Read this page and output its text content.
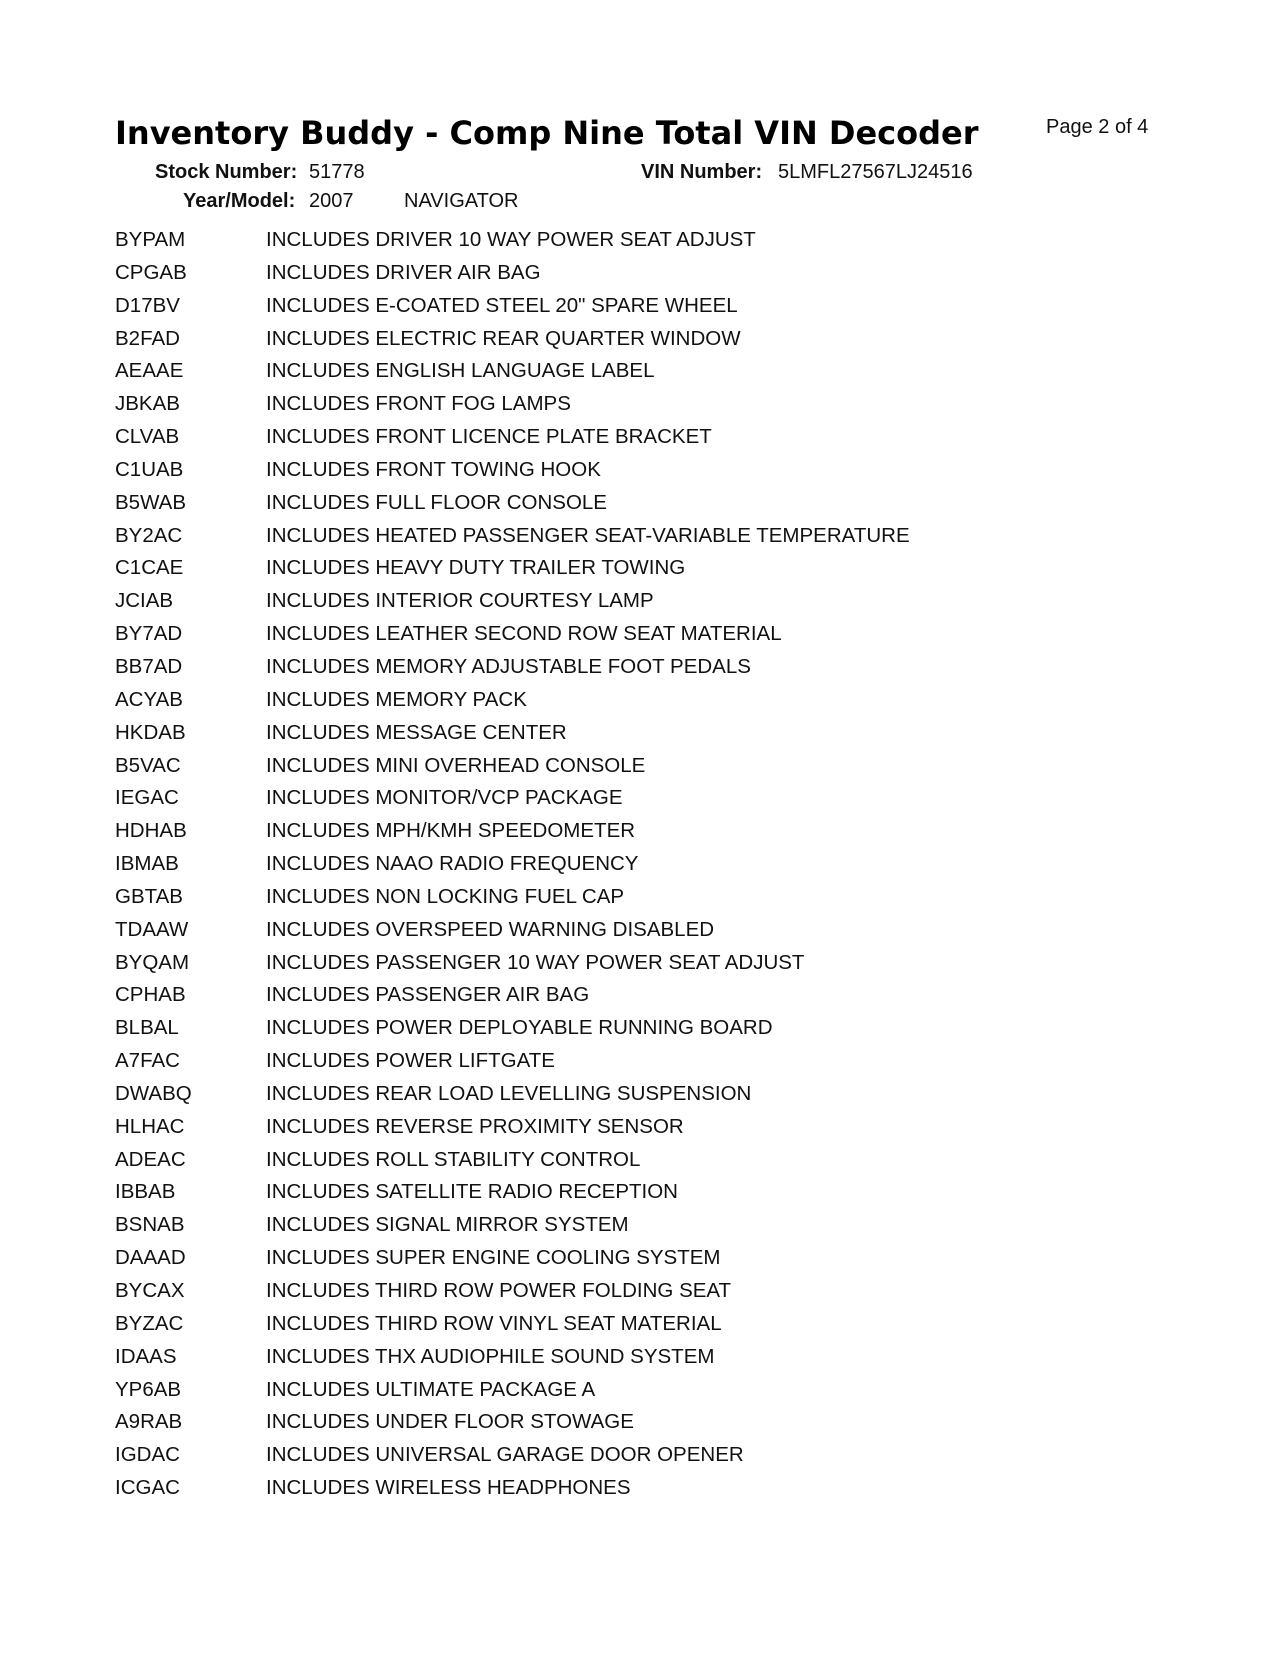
Inventory Buddy - Comp Nine Total VIN Decoder	Page 2 of 4
Stock Number: 51778	VIN Number: 5LMFL27567LJ24516
Year/Model: 2007	NAVIGATOR
BYPAM	INCLUDES DRIVER 10 WAY POWER SEAT ADJUST
CPGAB	INCLUDES DRIVER AIR BAG
D17BV	INCLUDES E-COATED STEEL 20" SPARE WHEEL
B2FAD	INCLUDES ELECTRIC REAR QUARTER WINDOW
AEAAE	INCLUDES ENGLISH LANGUAGE LABEL
JBKAB	INCLUDES FRONT FOG LAMPS
CLVAB	INCLUDES FRONT LICENCE PLATE BRACKET
C1UAB	INCLUDES FRONT TOWING HOOK
B5WAB	INCLUDES FULL FLOOR CONSOLE
BY2AC	INCLUDES HEATED PASSENGER SEAT-VARIABLE TEMPERATURE
C1CAE	INCLUDES HEAVY DUTY TRAILER TOWING
JCIAB	INCLUDES INTERIOR COURTESY LAMP
BY7AD	INCLUDES LEATHER SECOND ROW SEAT MATERIAL
BB7AD	INCLUDES MEMORY ADJUSTABLE FOOT PEDALS
ACYAB	INCLUDES MEMORY PACK
HKDAB	INCLUDES MESSAGE CENTER
B5VAC	INCLUDES MINI OVERHEAD CONSOLE
IEGAC	INCLUDES MONITOR/VCP PACKAGE
HDHAB	INCLUDES MPH/KMH SPEEDOMETER
IBMAB	INCLUDES NAAO RADIO FREQUENCY
GBTAB	INCLUDES NON LOCKING FUEL CAP
TDAAW	INCLUDES OVERSPEED WARNING DISABLED
BYQAM	INCLUDES PASSENGER 10 WAY POWER SEAT ADJUST
CPHAB	INCLUDES PASSENGER AIR BAG
BLBAL	INCLUDES POWER DEPLOYABLE RUNNING BOARD
A7FAC	INCLUDES POWER LIFTGATE
DWABQ	INCLUDES REAR LOAD LEVELLING SUSPENSION
HLHAC	INCLUDES REVERSE PROXIMITY SENSOR
ADEAC	INCLUDES ROLL STABILITY CONTROL
IBBAB	INCLUDES SATELLITE RADIO RECEPTION
BSNAB	INCLUDES SIGNAL MIRROR SYSTEM
DAAAD	INCLUDES SUPER ENGINE COOLING SYSTEM
BYCAX	INCLUDES THIRD ROW POWER FOLDING SEAT
BYZAC	INCLUDES THIRD ROW VINYL SEAT MATERIAL
IDAAS	INCLUDES THX AUDIOPHILE SOUND SYSTEM
YP6AB	INCLUDES ULTIMATE PACKAGE A
A9RAB	INCLUDES UNDER FLOOR STOWAGE
IGDAC	INCLUDES UNIVERSAL GARAGE DOOR OPENER
ICGAC	INCLUDES WIRELESS HEADPHONES
